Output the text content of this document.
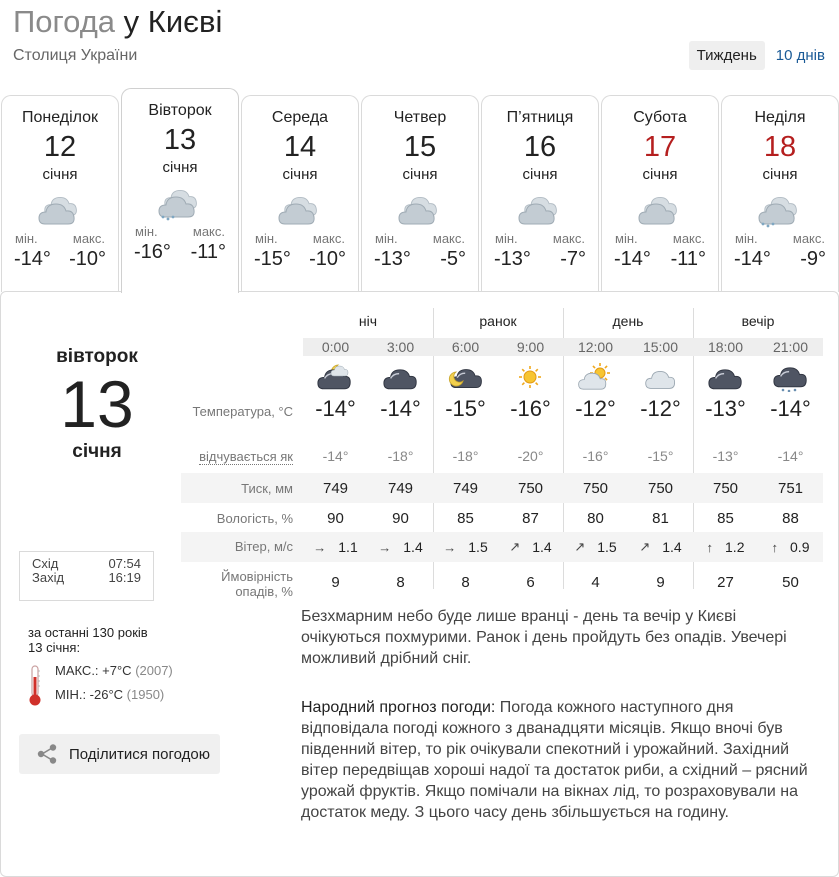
Погода у Києві
Столиця України	Тиждень	10 днів
Понеділок
12
січня
мін.	макс.
-14° -10°
Вівторок
13
січня
мін.	макс.
-16° -11°
Середа
14
січня
мін.	макс.
-15° -10°
Четвер
15
січня
мін.	макс.
-13° -5°
П’ятниця
16
січня
мін.	макс.
-13° -7°
Субота
17
січня
мін.	макс.
-14° -11°
Неділя
18
січня
мін.	макс.
-14° -9°
вівторок
13
січня
Схід	07:54
Захід	16:19
за останні 130 років
13 січня:
МАКС.: +7°C (2007)
МІН.: -26°C (1950)
Поділитися погодою
ніч	ранок	день	вечір
0:00	3:00	6:00	9:00	12:00	15:00	18:00	21:00
Температура, °C	-14°	-14°	-15°	-16°	-12°	-12°	-13°	-14°
відчувається як	-14°	-18°	-18°	-20°	-16°	-15°	-13°	-14°
Тиск, мм	749	749	749	750	750	750	750	751
Вологість, %	90	90	85	87	80	81	85	88
Вітер, м/с → 1.1 → 1.4 → 1.5 ↗ 1.4 ↗ 1.5 ↗ 1.4 ↑ 1.2 ↑ 0.9
Ймовірність
опадів, %
9	8	8	6	4	9	27	50
Безхмарним небо буде лише вранці - день та вечір у Києві очікуються похмурими. Ранок і день пройдуть без опадів. Увечері можливий дрібний сніг.
Народний прогноз погоди: Погода кожного наступного дня відповідала погоді кожного з дванадцяти місяців. Якщо вночі був південний вітер, то рік очікували спекотний і урожайний. Західний вітер передвіщав хороші надої та достаток риби, а східний – рясний урожай фруктів. Якщо помічали на вікнах лід, то розраховували на достаток меду. З цього часу день збільшується на годину.
